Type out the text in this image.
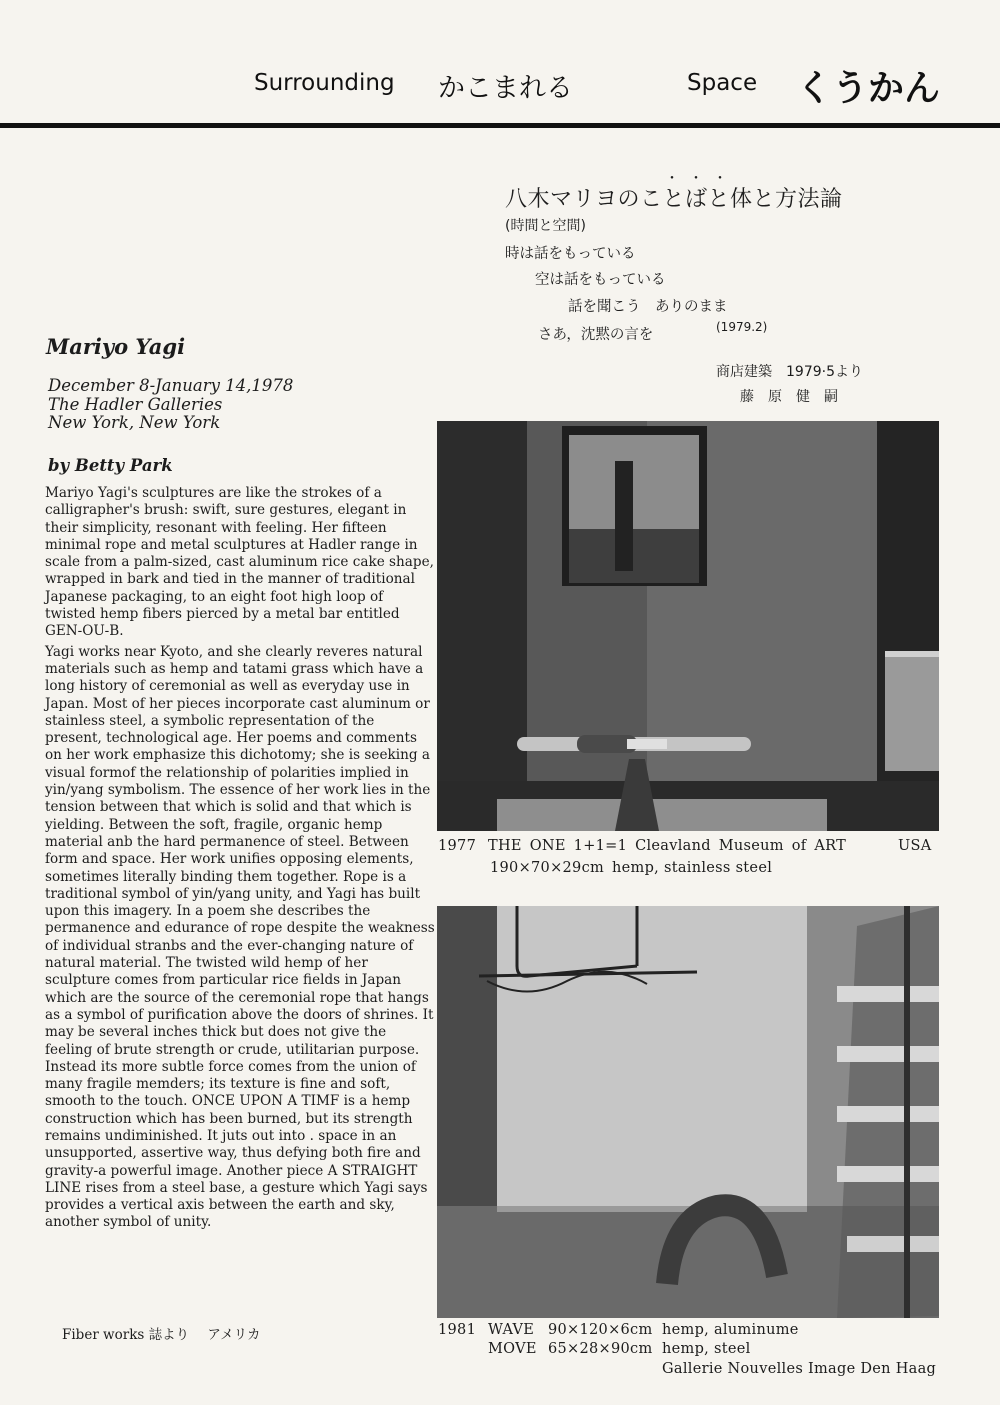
Surrounding かこまれる	Space くうかん
・・・
八木マリヨのことばと体と方法論
(時間と空間)
時は話をもっている
空は話をもっている
話を聞こう　ありのまま
さあ，沈黙の言を	(1979.2)
商店建築　1979·5より
藤原健嗣
Mariyo Yagi
December 8-January 14,1978
The Hadler Galleries
New York, New York
by Betty Park

Mariyo Yagi's sculptures are like the strokes of a calligrapher's brush: swift, sure gestures, elegant in their simplicity, resonant with feeling. Her fifteen minimal rope and metal sculptures at Hadler range in scale from a palm-sized, cast aluminum rice cake shape, wrapped in bark and tied in the manner of traditional Japanese packaging, to an eight foot high loop of twisted hemp fibers pierced by a metal bar entitled GEN-OU-B.

Yagi works near Kyoto, and she clearly reveres natural materials such as hemp and tatami grass which have a long history of ceremonial as well as everyday use in Japan. Most of her pieces incorporate cast aluminum or stainless steel, a symbolic representation of the present, technological age. Her poems and comments on her work emphasize this dichotomy; she is seeking a visual formof the relationship of polarities implied in yin/yang symbolism. The essence of her work lies in the tension between that which is solid and that which is yielding. Between the soft, fragile, organic hemp material anb the hard permanence of steel. Between form and space. Her work unifies opposing elements, sometimes literally binding them together. Rope is a traditional symbol of yin/yang unity, and Yagi has built upon this imagery. In a poem she describes the permanence and edurance of rope despite the weakness of individual stranbs and the ever-changing nature of natural material. The twisted wild hemp of her sculpture comes from particular rice fields in Japan which are the source of the ceremonial rope that hangs as a symbol of purification above the doors of shrines. It may be several inches thick but does not give the feeling of brute strength or crude, utilitarian purpose. Instead its more subtle force comes from the union of many fragile memders; its texture is fine and soft, smooth to the touch. ONCE UPON A TIMF is a hemp construction which has been burned, but its strength remains undiminished. It juts out into . space in an unsupported, assertive way, thus defying both fire and gravity-a powerful image. Another piece A STRAIGHT LINE rises from a steel base, a gesture which Yagi says provides a vertical axis between the earth and sky, another symbol of unity.

Fiber works 誌より アメリカ
1977 THE ONE 1+1=1 Cleavland Museum of ART	USA
190×70×29cm hemp, stainless steel
1981 WAVE 90×120×6cm hemp, aluminume
MOVE 65×28×90cm hemp, steel
Gallerie Nouvelles Image Den Haag
